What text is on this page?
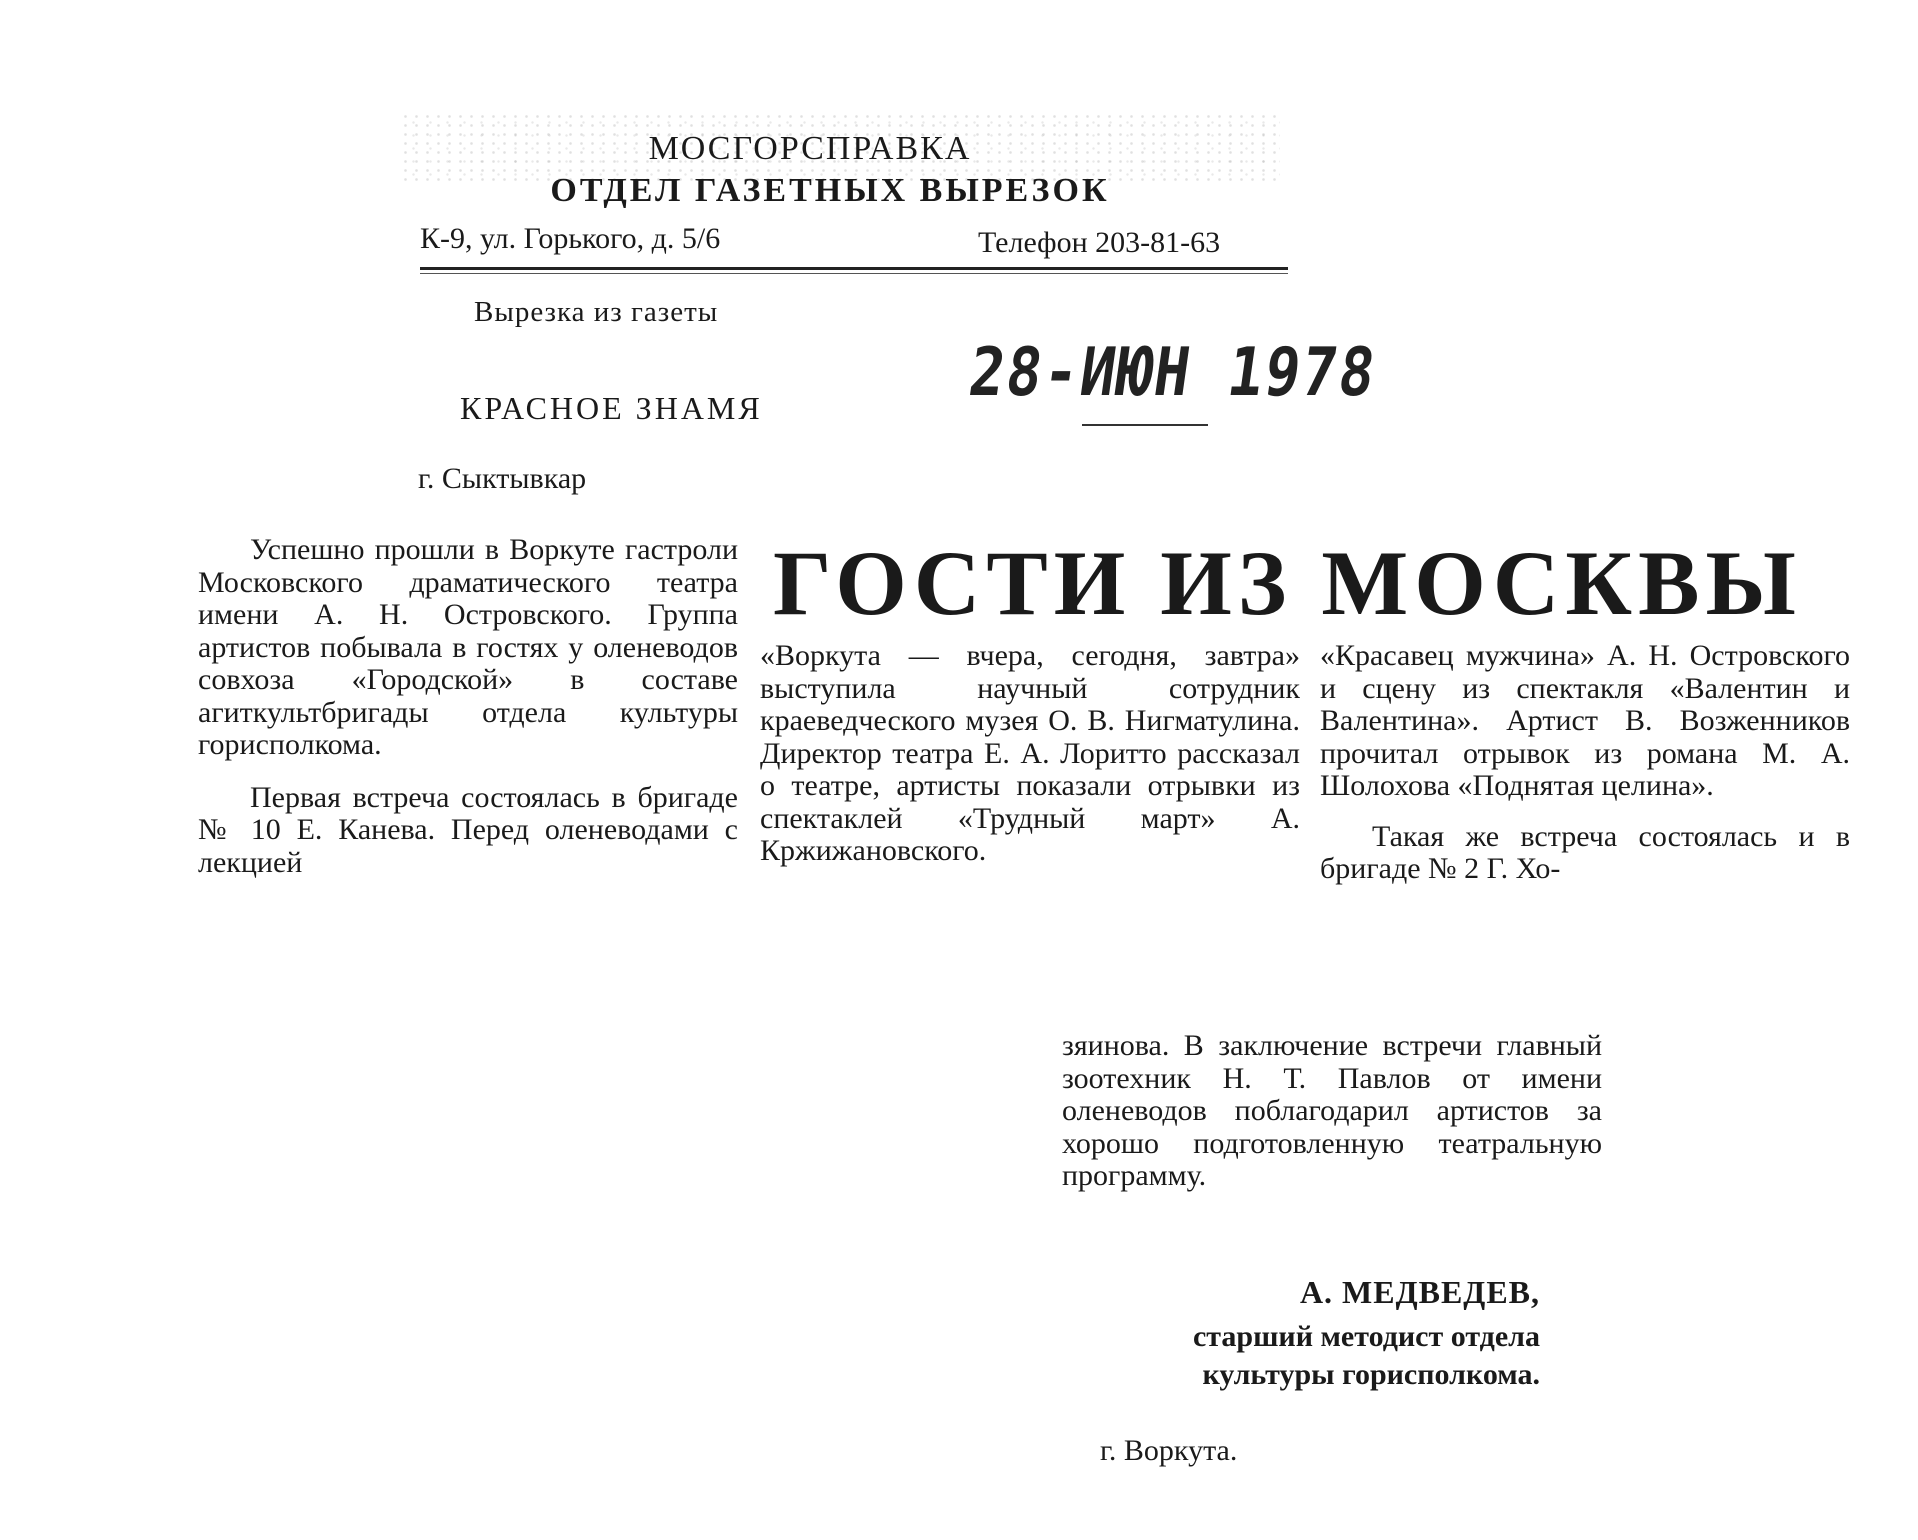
МОСГОРСПРАВКА
ОТДЕЛ ГАЗЕТНЫХ ВЫРЕЗОК
К-9, ул. Горького, д. 5/6	Телефон 203-81-63
Вырезка из газеты
КРАСНОЕ ЗНАМЯ	28-ИЮН 1978
г. Сыктывкар
ГОСТИ ИЗ МОСКВЫ

Успешно прошли в Воркуте гастроли Московского драматического театра имени А. Н. Островского. Группа артистов побывала в гостях у оленеводов совхоза «Городской» в составе агиткультбригады отдела культуры горисполкома.

Первая встреча состоялась в бригаде № 10 Е. Канева. Перед оленеводами с лекцией

«Воркута — вчера, сегодня, завтра» выступила научный сотрудник краеведческого музея О. В. Нигматулина. Директор театра Е. А. Лоритто рассказал о театре, артисты показали отрывки из спектаклей «Трудный март» А. Кржижановского.

«Красавец мужчина» А. Н. Островского и сцену из спектакля «Валентин и Валентина». Артист В. Возженников прочитал отрывок из романа М. А. Шолохова «Поднятая целина».

Такая же встреча состоялась и в бригаде № 2 Г. Хо-

зяинова. В заключение встречи главный зоотехник Н. Т. Павлов от имени оленеводов поблагодарил артистов за хорошо подготовленную театральную программу.

А. МЕДВЕДЕВ,
старший методист отдела культуры горисполкома.
г. Воркута.
